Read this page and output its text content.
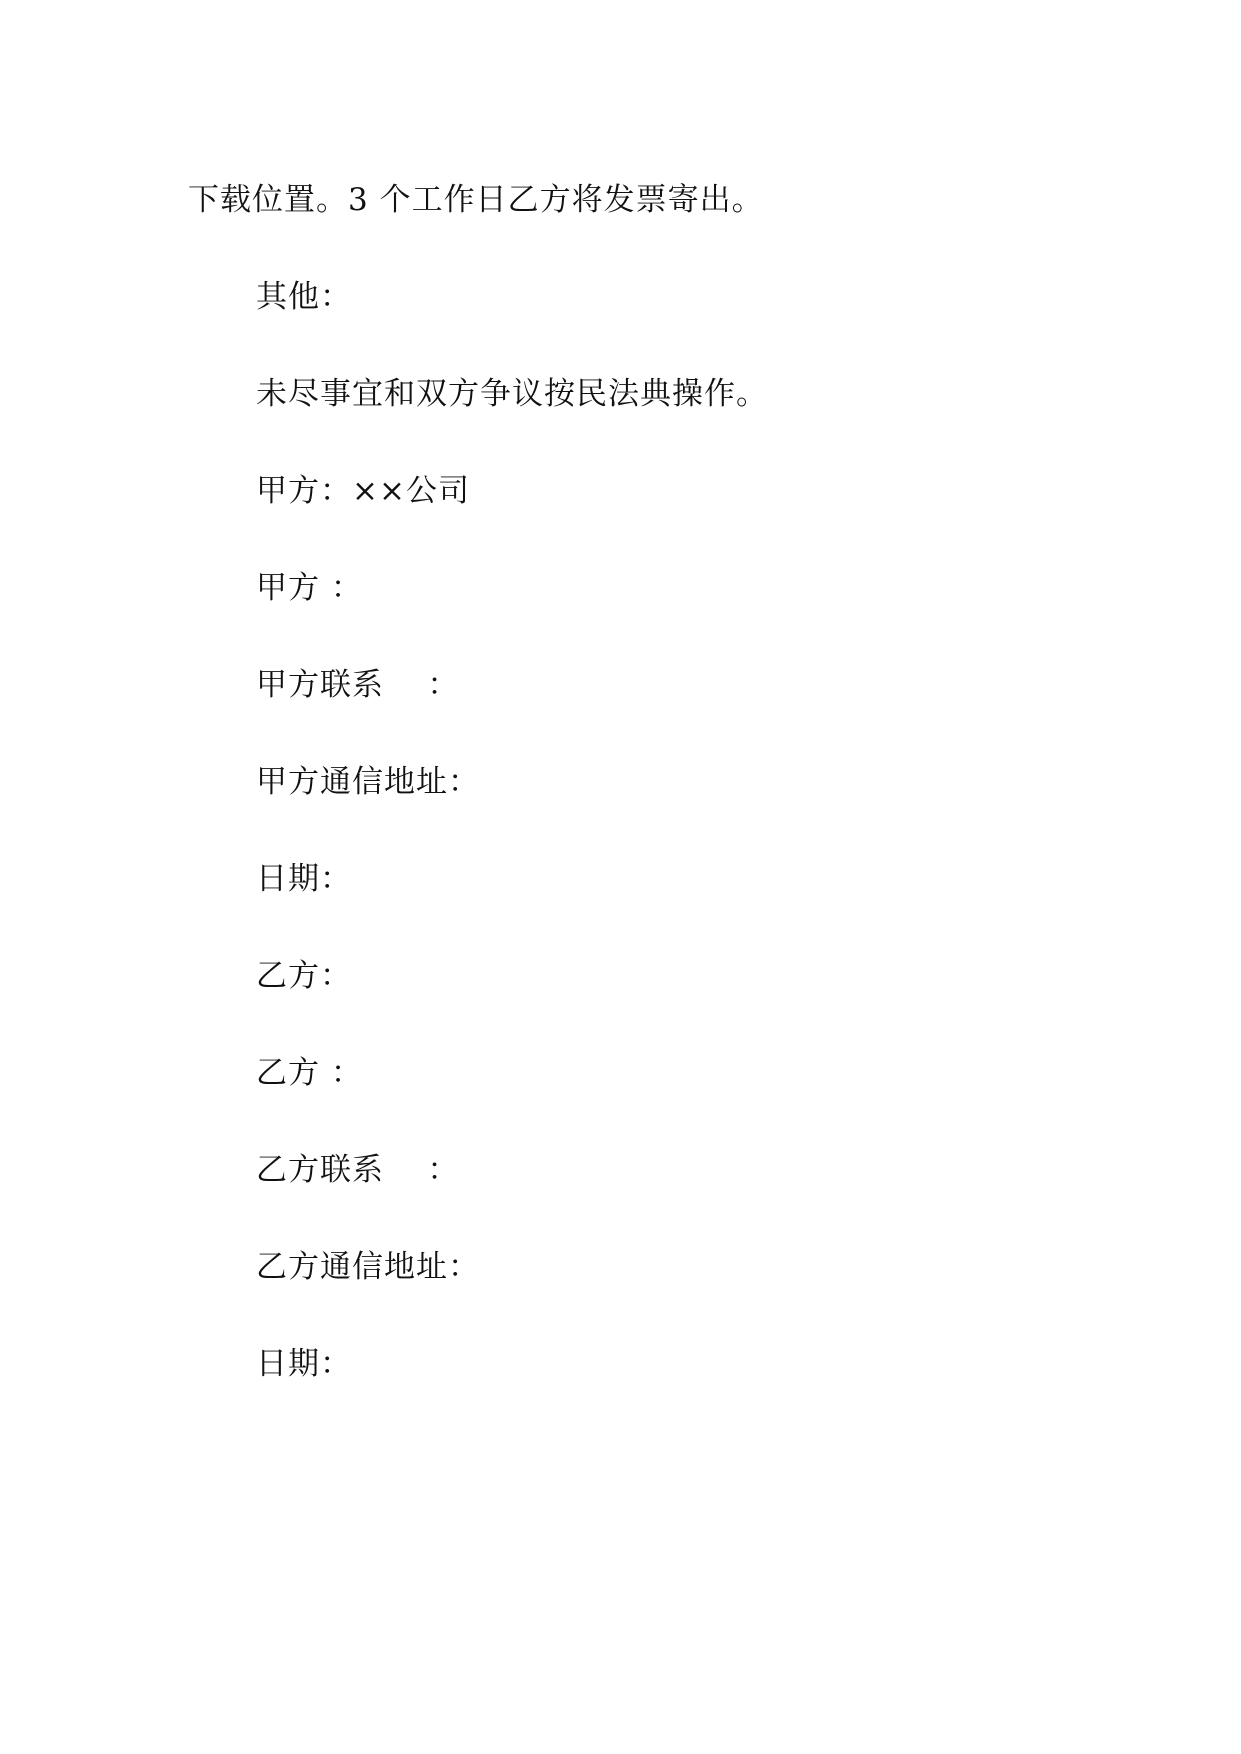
下载位置。3 个工作日乙方将发票寄出。
其他：
未尽事宜和双方争议按民法典操作。
甲方：××公司
甲方 ：
甲方联系    ：
甲方通信地址：
日期：
乙方：
乙方 ：
乙方联系    ：
乙方通信地址：
日期：
